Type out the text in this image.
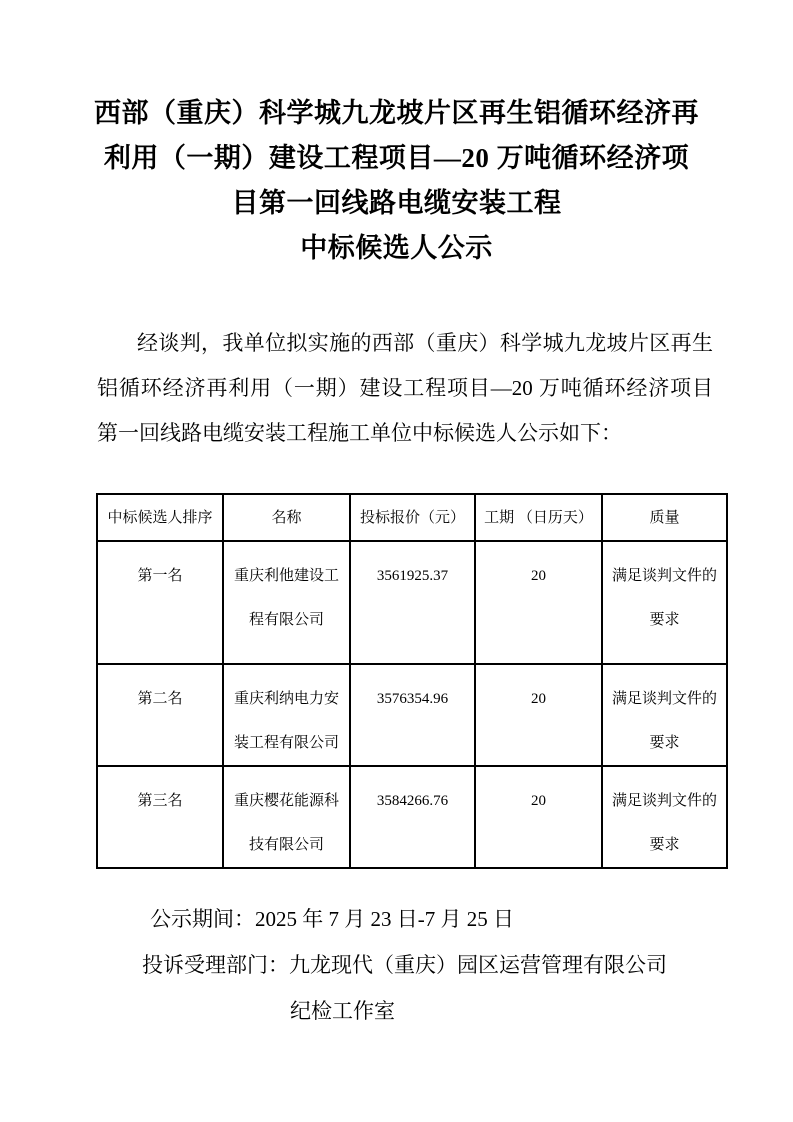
西部（重庆）科学城九龙坡片区再生铝循环经济再
利用（一期）建设工程项目—20 万吨循环经济项
目第一回线路电缆安装工程
中标候选人公示
经谈判，我单位拟实施的西部（重庆）科学城九龙坡片区再生
铝循环经济再利用（一期）建设工程项目—20 万吨循环经济项目
第一回线路电缆安装工程施工单位中标候选人公示如下：
中标候选人排序	名称	投标报价（元）	工期 （日历天）	质量
第一名	重庆利他建设工程有限公司	3561925.37	20	满足谈判文件的要求
第二名	重庆利纳电力安装工程有限公司	3576354.96	20	满足谈判文件的要求
第三名	重庆樱花能源科技有限公司	3584266.76	20	满足谈判文件的要求
公示期间：2025 年 7 月 23 日-7 月 25 日
投诉受理部门：九龙现代（重庆）园区运营管理有限公司
纪检工作室
